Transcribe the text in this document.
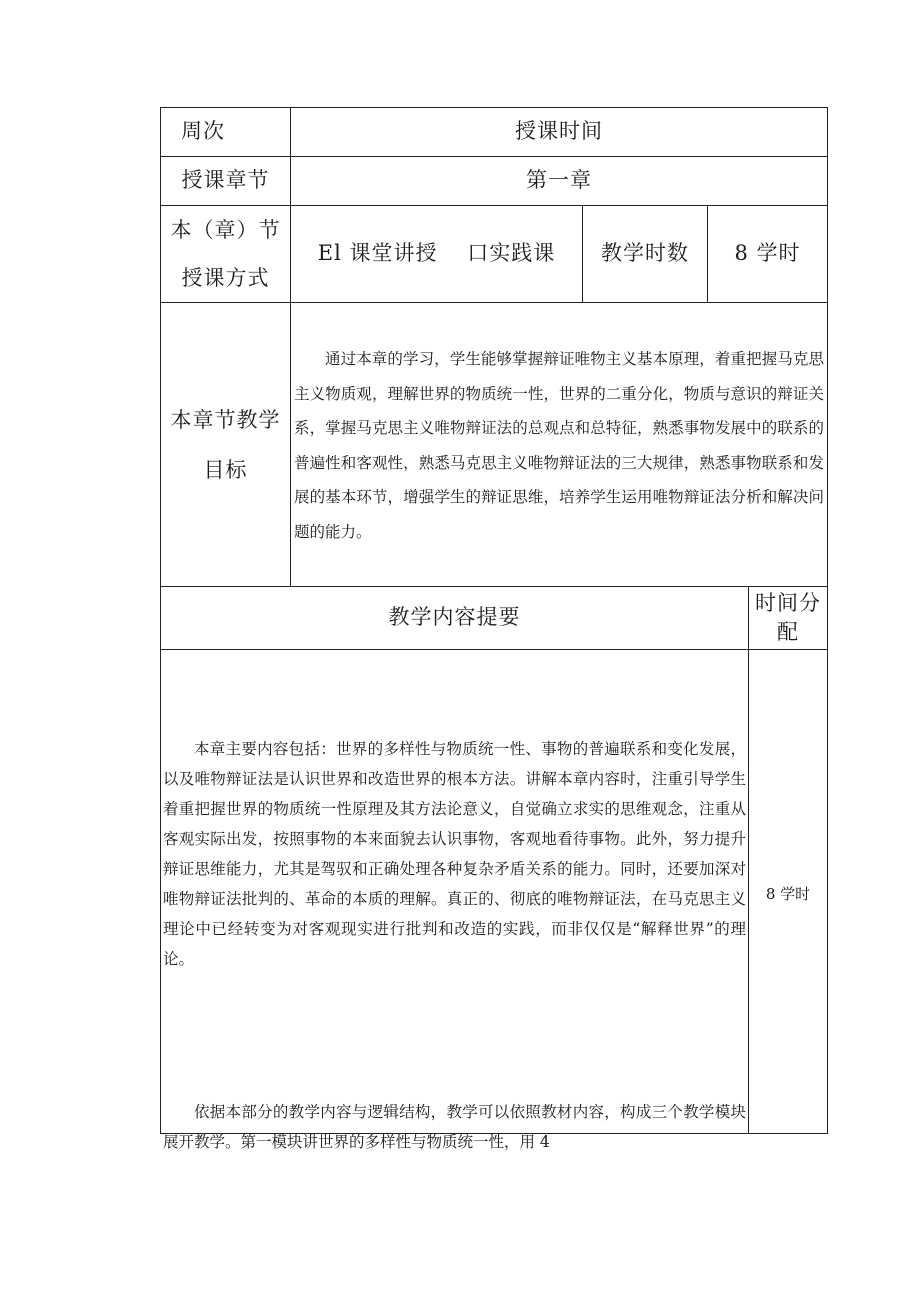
周次	授课时间
授课章节	第一章
本（章）节
授课方式
El 课堂讲授　 口实践课 教学时数 8 学时
本章节教学
目标
通过本章的学习，学生能够掌握辩证唯物主义基本原理，着重把握马克思主义物质观，理解世界的物质统一性，世界的二重分化，物质与意识的辩证关系，掌握马克思主义唯物辩证法的总观点和总特征，熟悉事物发展中的联系的普遍性和客观性，熟悉马克思主义唯物辩证法的三大规律，熟悉事物联系和发展的基本环节，增强学生的辩证思维，培养学生运用唯物辩证法分析和解决问题的能力。
教学内容提要
时间分
配
本章主要内容包括：世界的多样性与物质统一性、事物的普遍联系和变化发展，以及唯物辩证法是认识世界和改造世界的根本方法。讲解本章内容时，注重引导学生着重把握世界的物质统一性原理及其方法论意义，自觉确立求实的思维观念，注重从客观实际出发，按照事物的本来面貌去认识事物，客观地看待事物。此外，努力提升辩证思维能力，尤其是驾驭和正确处理各种复杂矛盾关系的能力。同时，还要加深对唯物辩证法批判的、革命的本质的理解。真正的、彻底的唯物辩证法，在马克思主义理论中已经转变为对客观现实进行批判和改造的实践，而非仅仅是“解释世界”的理论。
依据本部分的教学内容与逻辑结构，教学可以依照教材内容，构成三个教学模块展开教学。第一模块讲世界的多样性与物质统一性，用 4
8 学时
